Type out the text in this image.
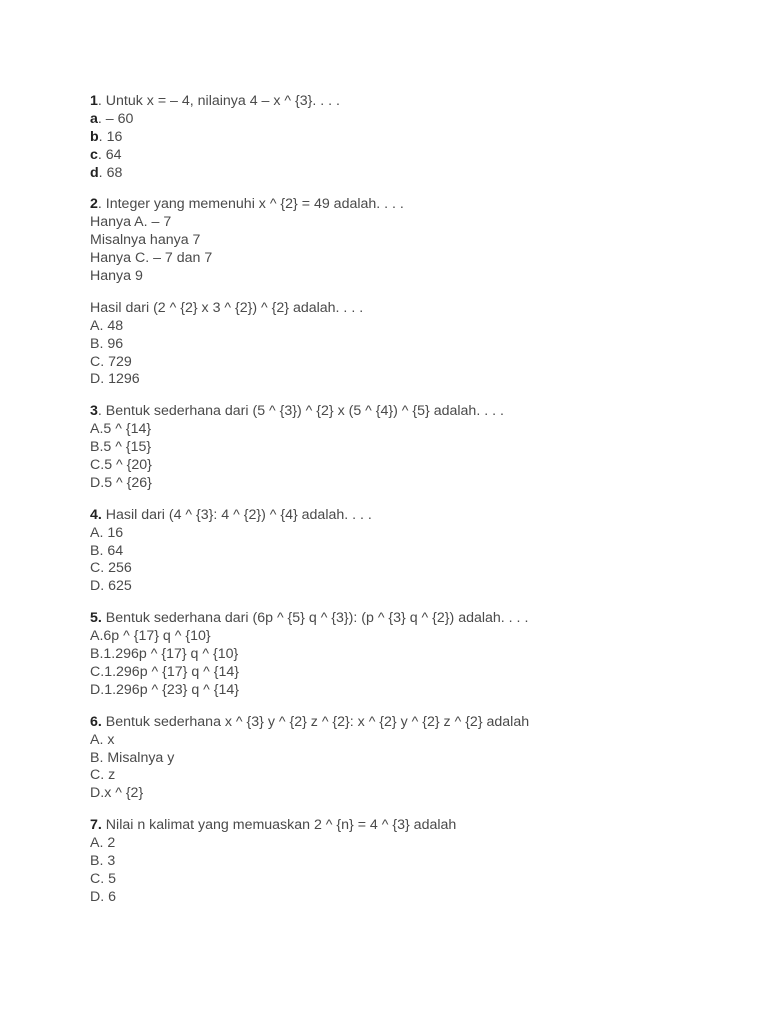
1. Untuk x = – 4, nilainya 4 – x ^ {3}. . . .
a. – 60
b. 16
c. 64
d. 68
2. Integer yang memenuhi x ^ {2} = 49 adalah. . . .
Hanya A. – 7
Misalnya hanya 7
Hanya C. – 7 dan 7
Hanya 9
Hasil dari (2 ^ {2} x 3 ^ {2}) ^ {2} adalah. . . .
A. 48
B. 96
C. 729
D. 1296
3. Bentuk sederhana dari (5 ^ {3}) ^ {2} x (5 ^ {4}) ^ {5} adalah. . . .
A.5 ^ {14}
B.5 ^ {15}
C.5 ^ {20}
D.5 ^ {26}
4. Hasil dari (4 ^ {3}: 4 ^ {2}) ^ {4} adalah. . . .
A. 16
B. 64
C. 256
D. 625
5. Bentuk sederhana dari (6p ^ {5} q ^ {3}): (p ^ {3} q ^ {2}) adalah. . . .
A.6p ^ {17} q ^ {10}
B.1.296p ^ {17} q ^ {10}
C.1.296p ^ {17} q ^ {14}
D.1.296p ^ {23} q ^ {14}
6. Bentuk sederhana x ^ {3} y ^ {2} z ^ {2}: x ^ {2} y ^ {2} z ^ {2} adalah
A. x
B. Misalnya y
C. z
D.x ^ {2}
7. Nilai n kalimat yang memuaskan 2 ^ {n} = 4 ^ {3} adalah
A. 2
B. 3
C. 5
D. 6
